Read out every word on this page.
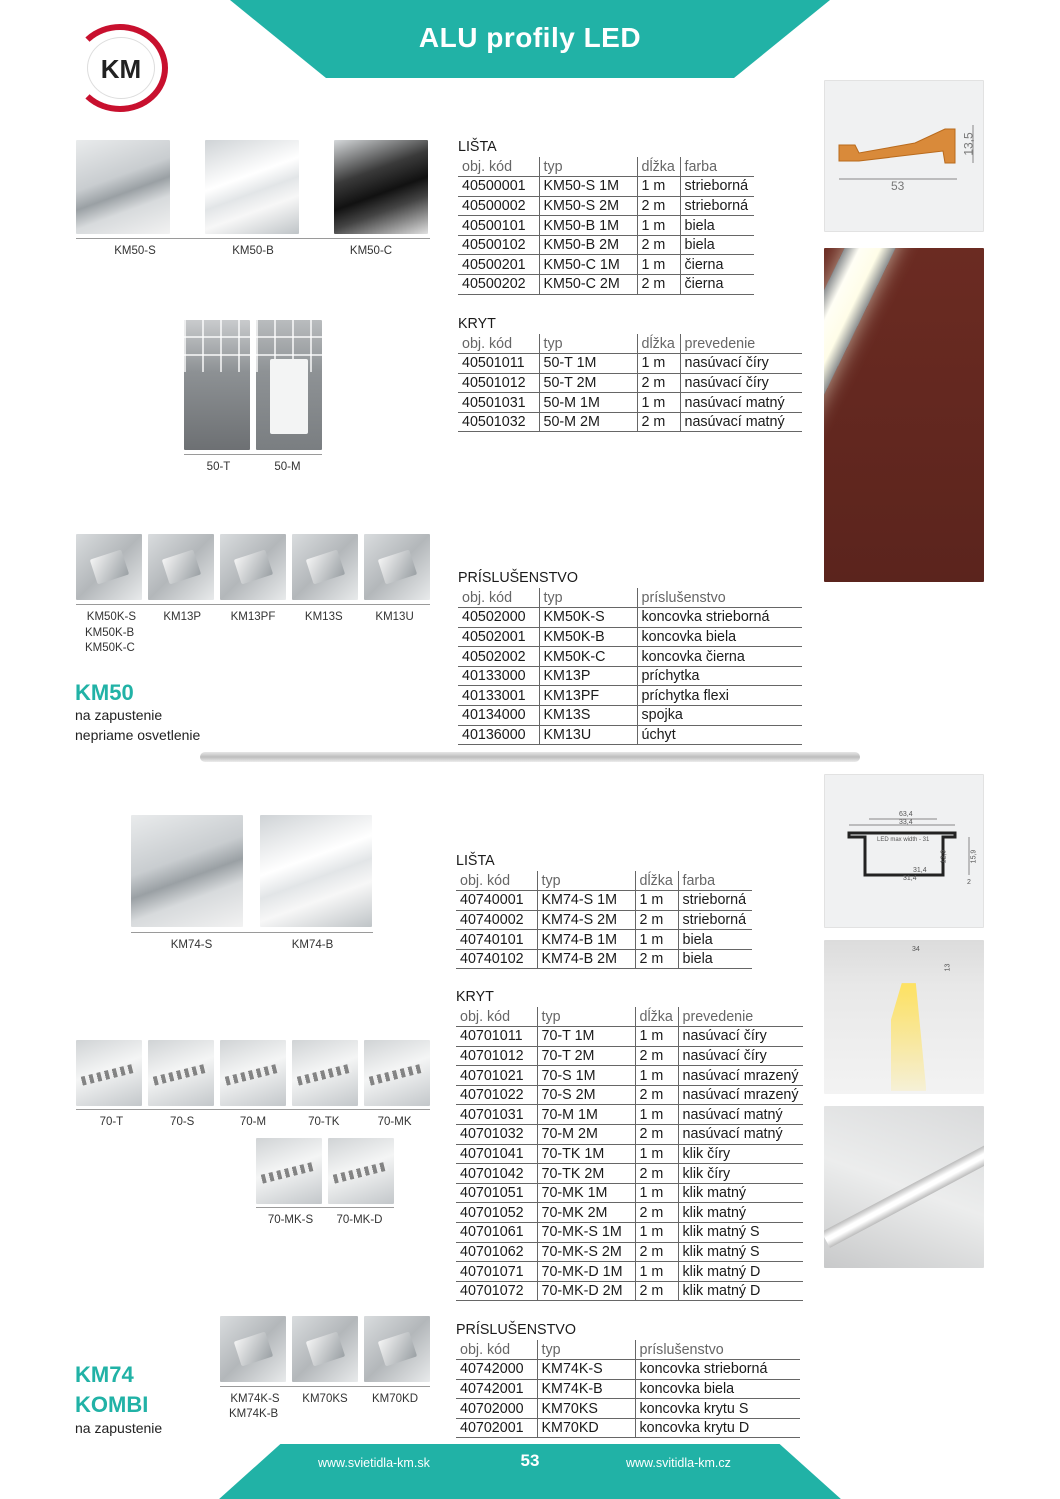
ALU profily LED
KM
KM50-S	KM50-B	KM50-C
50-T	50-M
KM50K-S	KM13P	KM13PF	KM13S	KM13U
KM50K-B
KM50K-C
KM50
na zapustenie
nepriame osvetlenie
53
13,5
LIŠTA
obj. kód	typ	dĺžka	farba
40500001	KM50-S 1M	1 m	strieborná
40500002	KM50-S 2M	2 m	strieborná
40500101	KM50-B 1M	1 m	biela
40500102	KM50-B 2M	2 m	biela
40500201	KM50-C 1M	1 m	čierna
40500202	KM50-C 2M	2 m	čierna
KRYT
obj. kód	typ	dĺžka	prevedenie
40501011	50-T 1M	1 m	nasúvací číry
40501012	50-T 2M	2 m	nasúvací číry
40501031	50-M 1M	1 m	nasúvací matný
40501032	50-M 2M	2 m	nasúvací matný
PRÍSLUŠENSTVO
obj. kód	typ	príslušenstvo
40502000	KM50K-S	koncovka strieborná
40502001	KM50K-B	koncovka biela
40502002	KM50K-C	koncovka čierna
40133000	KM13P	príchytka
40133001	KM13PF	príchytka flexi
40134000	KM13S	spojka
40136000	KM13U	úchyt
KM74-S	KM74-B
70-T	70-S	70-M	70-TK	70-MK
70-MK-S	70-MK-D
KM74K-S	KM70KS	KM70KD
KM74K-B
KM74
KOMBI
na zapustenie
63,4
33,4
LED max width - 31
31,4
31,4
12,9	15,9
2
34
13
LIŠTA
obj. kód	typ	dĺžka	farba
40740001	KM74-S 1M	1 m	strieborná
40740002	KM74-S 2M	2 m	strieborná
40740101	KM74-B 1M	1 m	biela
40740102	KM74-B 2M	2 m	biela
KRYT
obj. kód	typ	dĺžka	prevedenie
40701011	70-T 1M	1 m	nasúvací číry
40701012	70-T 2M	2 m	nasúvací číry
40701021	70-S 1M	1 m	nasúvací mrazený
40701022	70-S 2M	2 m	nasúvací mrazený
40701031	70-M 1M	1 m	nasúvací matný
40701032	70-M 2M	2 m	nasúvací matný
40701041	70-TK 1M	1 m	klik číry
40701042	70-TK 2M	2 m	klik číry
40701051	70-MK 1M	1 m	klik matný
40701052	70-MK 2M	2 m	klik matný
40701061	70-MK-S 1M	1 m	klik matný S
40701062	70-MK-S 2M	2 m	klik matný S
40701071	70-MK-D 1M	1 m	klik matný D
40701072	70-MK-D 2M	2 m	klik matný D
PRÍSLUŠENSTVO
obj. kód	typ	príslušenstvo
40742000	KM74K-S	koncovka strieborná
40742001	KM74K-B	koncovka biela
40702000	KM70KS	koncovka krytu S
40702001	KM70KD	koncovka krytu D
www.svietidla-km.sk	53	www.svitidla-km.cz
